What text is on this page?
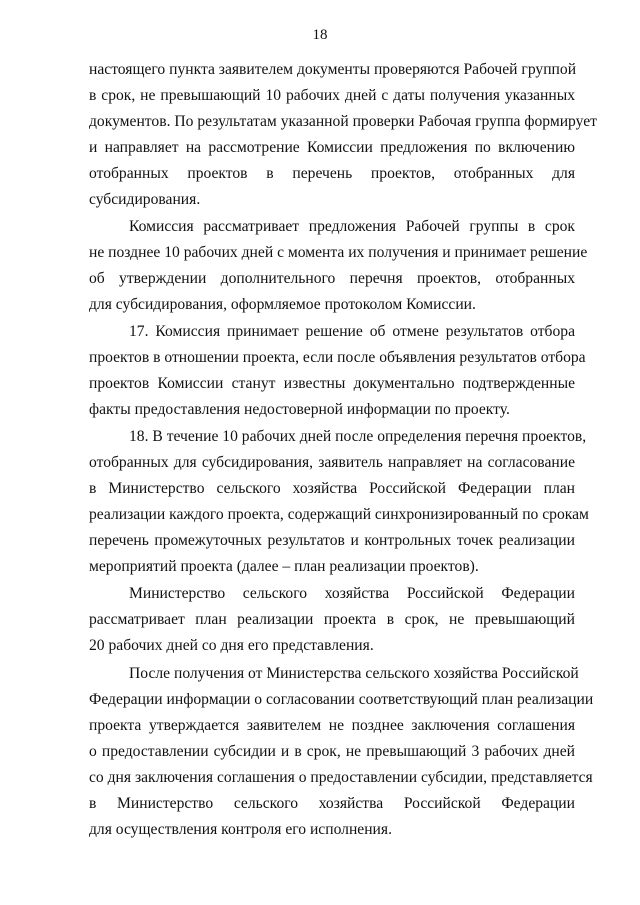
18
настоящего пункта заявителем документы проверяются Рабочей группой
в срок, не превышающий 10 рабочих дней с даты получения указанных
документов. По результатам указанной проверки Рабочая группа формирует
и направляет на рассмотрение Комиссии предложения по включению
отобранных проектов в перечень проектов, отобранных для
субсидирования.
Комиссия рассматривает предложения Рабочей группы в срок
не позднее 10 рабочих дней с момента их получения и принимает решение
об утверждении дополнительного перечня проектов, отобранных
для субсидирования, оформляемое протоколом Комиссии.
17. Комиссия принимает решение об отмене результатов отбора
проектов в отношении проекта, если после объявления результатов отбора
проектов Комиссии станут известны документально подтвержденные
факты предоставления недостоверной информации по проекту.
18. В течение 10 рабочих дней после определения перечня проектов,
отобранных для субсидирования, заявитель направляет на согласование
в Министерство сельского хозяйства Российской Федерации план
реализации каждого проекта, содержащий синхронизированный по срокам
перечень промежуточных результатов и контрольных точек реализации
мероприятий проекта (далее – план реализации проектов).
Министерство сельского хозяйства Российской Федерации
рассматривает план реализации проекта в срок, не превышающий
20 рабочих дней со дня его представления.
После получения от Министерства сельского хозяйства Российской
Федерации информации о согласовании соответствующий план реализации
проекта утверждается заявителем не позднее заключения соглашения
о предоставлении субсидии и в срок, не превышающий 3 рабочих дней
со дня заключения соглашения о предоставлении субсидии, представляется
в Министерство сельского хозяйства Российской Федерации
для осуществления контроля его исполнения.
